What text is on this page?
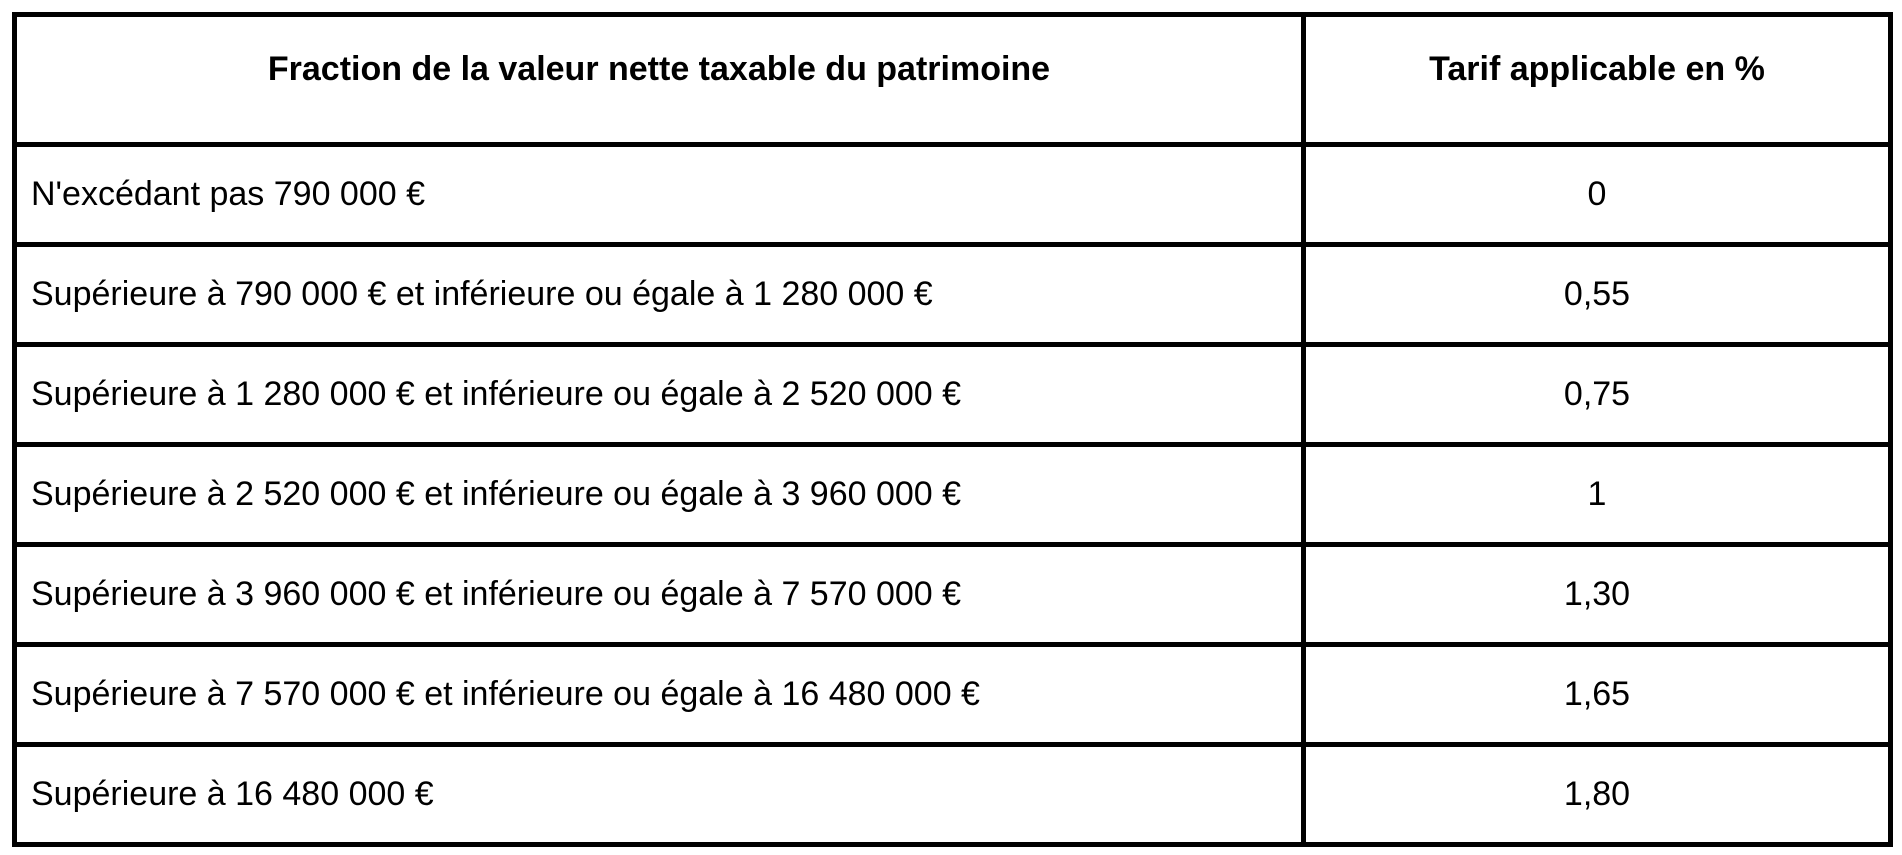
Fraction de la valeur nette taxable du patrimoine	Tarif applicable en %
N'excédant pas 790 000 €	0
Supérieure à 790 000 € et inférieure ou égale à 1 280 000 €	0,55
Supérieure à 1 280 000 € et inférieure ou égale à 2 520 000 €	0,75
Supérieure à 2 520 000 € et inférieure ou égale à 3 960 000 €	1
Supérieure à 3 960 000 € et inférieure ou égale à 7 570 000 €	1,30
Supérieure à 7 570 000 € et inférieure ou égale à 16 480 000 €	1,65
Supérieure à 16 480 000 €	1,80
